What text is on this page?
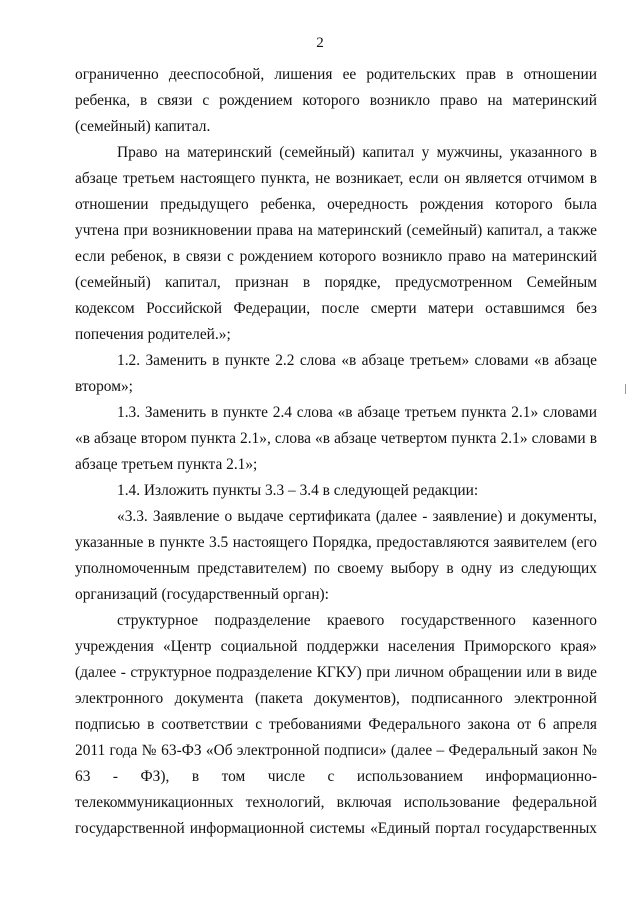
2

ограниченно дееспособной, лишения ее родительских прав в отношении ребенка, в связи с рождением которого возникло право на материнский (семейный) капитал.

Право на материнский (семейный) капитал у мужчины, указанного в абзаце третьем настоящего пункта, не возникает, если он является отчимом в отношении предыдущего ребенка, очередность рождения которого была учтена при возникновении права на материнский (семейный) капитал, а также если ребенок, в связи с рождением которого возникло право на материнский (семейный) капитал, признан в порядке, предусмотренном Семейным кодексом Российской Федерации, после смерти матери оставшимся без попечения родителей.»;

1.2. Заменить в пункте 2.2 слова «в абзаце третьем» словами «в абзаце втором»;

1.3. Заменить в пункте 2.4 слова «в абзаце третьем пункта 2.1» словами «в абзаце втором пункта 2.1», слова «в абзаце четвертом пункта 2.1» словами в абзаце третьем пункта 2.1»;

1.4. Изложить пункты 3.3 – 3.4 в следующей редакции:

«3.3. Заявление о выдаче сертификата (далее - заявление) и документы, указанные в пункте 3.5 настоящего Порядка, предоставляются заявителем (его уполномоченным представителем) по своему выбору в одну из следующих организаций (государственный орган):

структурное подразделение краевого государственного казенного учреждения «Центр социальной поддержки населения Приморского края» (далее - структурное подразделение КГКУ) при личном обращении или в виде электронного документа (пакета документов), подписанного электронной подписью в соответствии с требованиями Федерального закона от 6 апреля 2011 года № 63-ФЗ «Об электронной подписи» (далее – Федеральный закон № 63 - ФЗ), в том числе с использованием информационно-телекоммуникационных технологий, включая использование федеральной государственной информационной системы «Единый портал государственных
